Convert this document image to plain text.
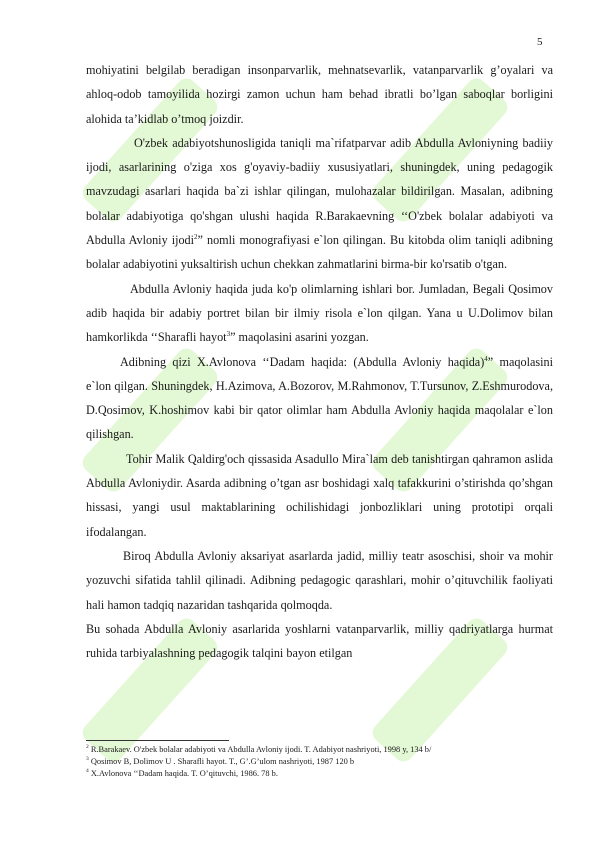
5

mohiyatini belgilab beradigan insonparvarlik, mehnatsevarlik, vatanparvarlik g’oyalari va ahloq-odob tamoyilida hozirgi zamon uchun ham behad ibratli bo’lgan saboqlar borligini alohida ta’kidlab o’tmoq joizdir.

O'zbek adabiyotshunosligida taniqli ma`rifatparvar adib Abdulla Avloniyning badiiy ijodi, asarlarining o'ziga xos g'oyaviy-badiiy xususiyatlari, shuningdek, uning pedagogik mavzudagi asarlari haqida ba`zi ishlar qilingan, mulohazalar bildirilgan. Masalan, adibning bolalar adabiyotiga qo'shgan ulushi haqida R.Barakaevning ‘‘O'zbek bolalar adabiyoti va Abdulla Avloniy ijodi$^2$” nomli monografiyasi e`lon qilingan. Bu kitobda olim taniqli adibning bolalar adabiyotini yuksaltirish uchun chekkan zahmatlarini birma-bir ko'rsatib o'tgan.

Abdulla Avloniy haqida juda ko'p olimlarning ishlari bor. Jumladan, Begali Qosimov adib haqida bir adabiy portret bilan bir ilmiy risola e`lon qilgan. Yana u U.Dolimov bilan hamkorlikda ‘‘Sharafli hayot$^3$” maqolasini asarini yozgan.

Adibning qizi X.Avlonova ‘‘Dadam haqida: (Abdulla Avloniy haqida)$^4$” maqolasini e`lon qilgan. Shuningdek, H.Azimova, A.Bozorov, M.Rahmonov, T.Tursunov, Z.Eshmurodova, D.Qosimov, K.hoshimov kabi bir qator olimlar ham Abdulla Avloniy haqida maqolalar e`lon qilishgan.

Tohir Malik Qaldirg'och qissasida Asadullo Mira`lam deb tanishtirgan qahramon aslida Abdulla Avloniydir. Asarda adibning o’tgan asr boshidagi xalq tafakkurini o’stirishda qo’shgan hissasi, yangi usul maktablarining ochilishidagi jonbozliklari uning prototipi orqali ifodalangan.

Biroq Abdulla Avloniy aksariyat asarlarda jadid, milliy teatr asoschisi, shoir va mohir yozuvchi sifatida tahlil qilinadi. Adibning pedagogic qarashlari, mohir o’qituvchilik faoliyati hali hamon tadqiq nazaridan tashqarida qolmoqda.

Bu sohada Abdulla Avloniy asarlarida yoshlarni vatanparvarlik, milliy qadriyatlarga hurmat ruhida tarbiyalashning pedagogik talqini bayon etilgan

$^2$ R.Barakaev. O'zbek bolalar adabiyoti va Abdulla Avloniy ijodi. T. Adabiyot nashriyoti, 1998 y, 134 b/
$^3$ Qosimov B, Dolimov U . Sharafli hayot. T., G’.G’ulom nashriyoti, 1987 120 b
$^4$ X.Avlonova ‘‘Dadam haqida. T. O’qituvchi, 1986. 78 b.
